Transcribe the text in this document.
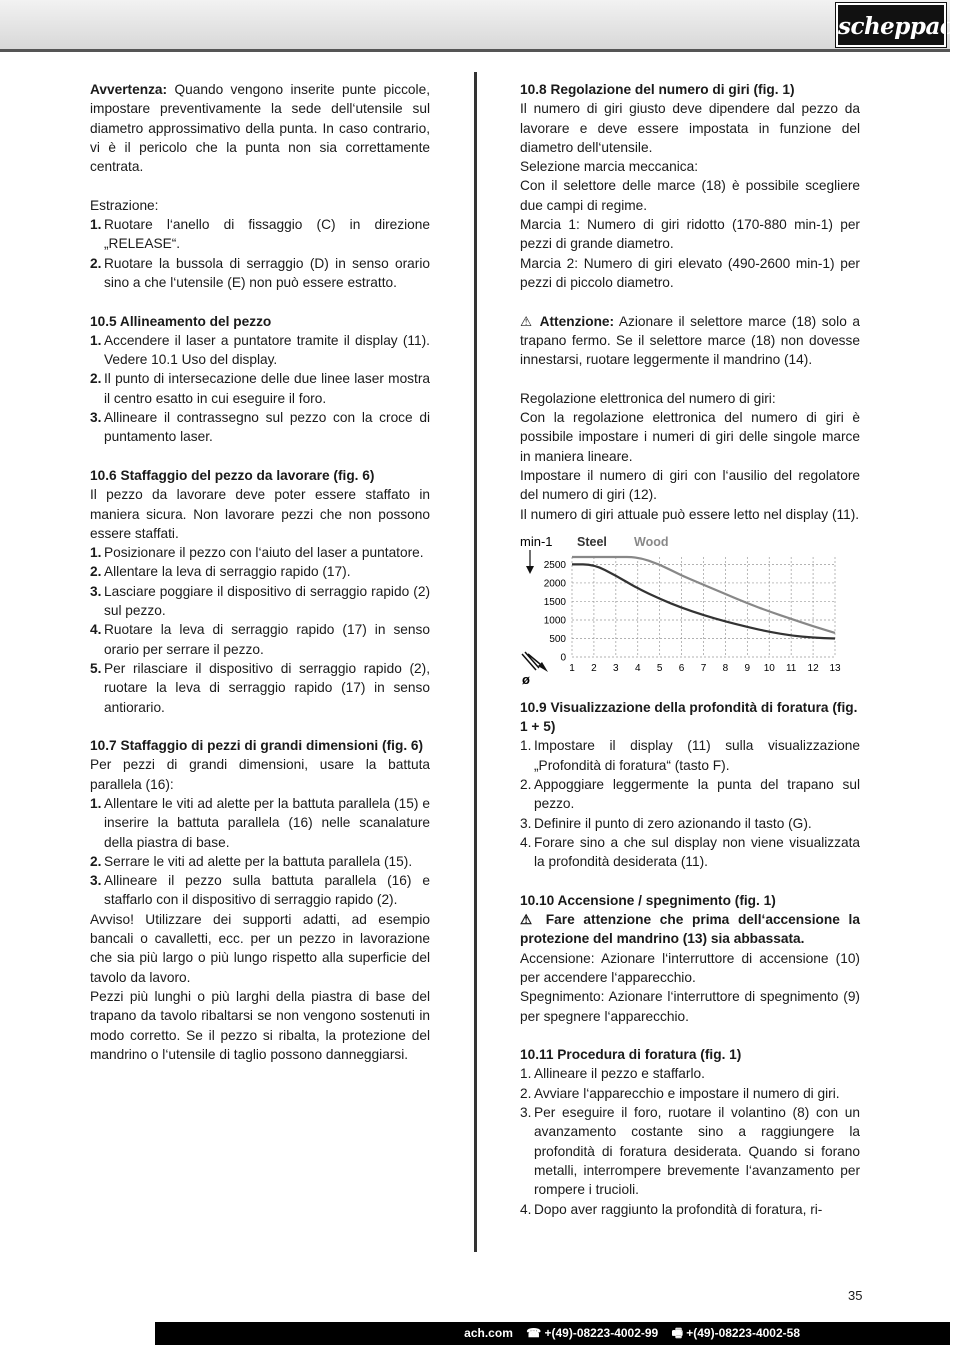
scheppach

Avvertenza: Quando vengono inserite punte piccole, impostare preventivamente la sede dell‘utensile sul diametro approssimativo della punta. In caso contrario, vi è il pericolo che la punta non sia correttamente centrata.

Estrazione:

1. Ruotare l‘anello di fissaggio (C) in direzione „RELEASE“.
2. Ruotare la bussola di serraggio (D) in senso orario sino a che l‘utensile (E) non può essere estratto.

10.5 Allineamento del pezzo

1. Accendere il laser a puntatore tramite il display (11). Vedere 10.1 Uso del display.
2. Il punto di intersecazione delle due linee laser mostra il centro esatto in cui eseguire il foro.
3. Allineare il contrassegno sul pezzo con la croce di puntamento laser.

10.6 Staffaggio del pezzo da lavorare (fig. 6)

Il pezzo da lavorare deve poter essere staffato in maniera sicura. Non lavorare pezzi che non possono essere staffati.

1. Posizionare il pezzo con l‘aiuto del laser a puntatore.
2. Allentare la leva di serraggio rapido (17).
3. Lasciare poggiare il dispositivo di serraggio rapido (2) sul pezzo.
4. Ruotare la leva di serraggio rapido (17) in senso orario per serrare il pezzo.
5. Per rilasciare il dispositivo di serraggio rapido (2), ruotare la leva di serraggio rapido (17) in senso antiorario.

10.7 Staffaggio di pezzi di grandi dimensioni (fig. 6)

Per pezzi di grandi dimensioni, usare la battuta parallela (16):

1. Allentare le viti ad alette per la battuta parallela (15) e inserire la battuta parallela (16) nelle scanalature della piastra di base.
2. Serrare le viti ad alette per la battuta parallela (15).
3. Allineare il pezzo sulla battuta parallela (16) e staffarlo con il dispositivo di serraggio rapido (2).

Avviso! Utilizzare dei supporti adatti, ad esempio bancali o cavalletti, ecc. per un pezzo in lavorazione che sia più largo o più lungo rispetto alla superficie del tavolo da lavoro.

Pezzi più lunghi o più larghi della piastra di base del trapano da tavolo ribaltarsi se non vengono sostenuti in modo corretto. Se il pezzo si ribalta, la protezione del mandrino o l‘utensile di taglio possono danneggiarsi.

10.8 Regolazione del numero di giri (fig. 1)

Il numero di giri giusto deve dipendere dal pezzo da lavorare e deve essere impostata in funzione del diametro dell‘utensile.

Selezione marcia meccanica:

Con il selettore delle marce (18) è possibile scegliere due campi di regime.

Marcia 1: Numero di giri ridotto (170-880 min-1) per pezzi di grande diametro.

Marcia 2: Numero di giri elevato (490-2600 min-1) per pezzi di piccolo diametro.

⚠ Attenzione: Azionare il selettore marce (18) solo a trapano fermo. Se il selettore marce (18) non dovesse innestarsi, ruotare leggermente il mandrino (14).

Regolazione elettronica del numero di giri:

Con la regolazione elettronica del numero di giri è possibile impostare i numeri di giri delle singole marce in maniera lineare.

Impostare il numero di giri con l‘ausilio del regolatore del numero di giri (12).

Il numero di giri attuale può essere letto nel display (11).

min-1
0
500
1000
1500
2000
2500
1 2 3 4 5 6 7 8 9 10 11 12 13
ø
Steel Wood

10.9 Visualizzazione della profondità di foratura (fig. 1 + 5)

1. Impostare il display (11) sulla visualizzazione „Profondità di foratura“ (tasto F).
2. Appoggiare leggermente la punta del trapano sul pezzo.
3. Definire il punto di zero azionando il tasto (G).
4. Forare sino a che sul display non viene visualizzata la profondità desiderata (11).

10.10 Accensione / spegnimento (fig. 1)

⚠ Fare attenzione che prima dell‘accensione la protezione del mandrino (13) sia abbassata.

Accensione: Azionare l‘interruttore di accensione (10) per accendere l‘apparecchio.

Spegnimento: Azionare l‘interruttore di spegnimento (9) per spegnere l‘apparecchio.

10.11 Procedura di foratura (fig. 1)

1. Allineare il pezzo e staffarlo.
2. Avviare l‘apparecchio e impostare il numero di giri.
3. Per eseguire il foro, ruotare il volantino (8) con un avanzamento costante sino a raggiungere la profondità di foratura desiderata. Quando si forano metalli, interrompere brevemente l‘avanzamento per rompere i trucioli.
4. Dopo aver raggiunto la profondità di foratura, ri-
35
ach.com ☎ +(49)-08223-4002-99 🖷 +(49)-08223-4002-58
